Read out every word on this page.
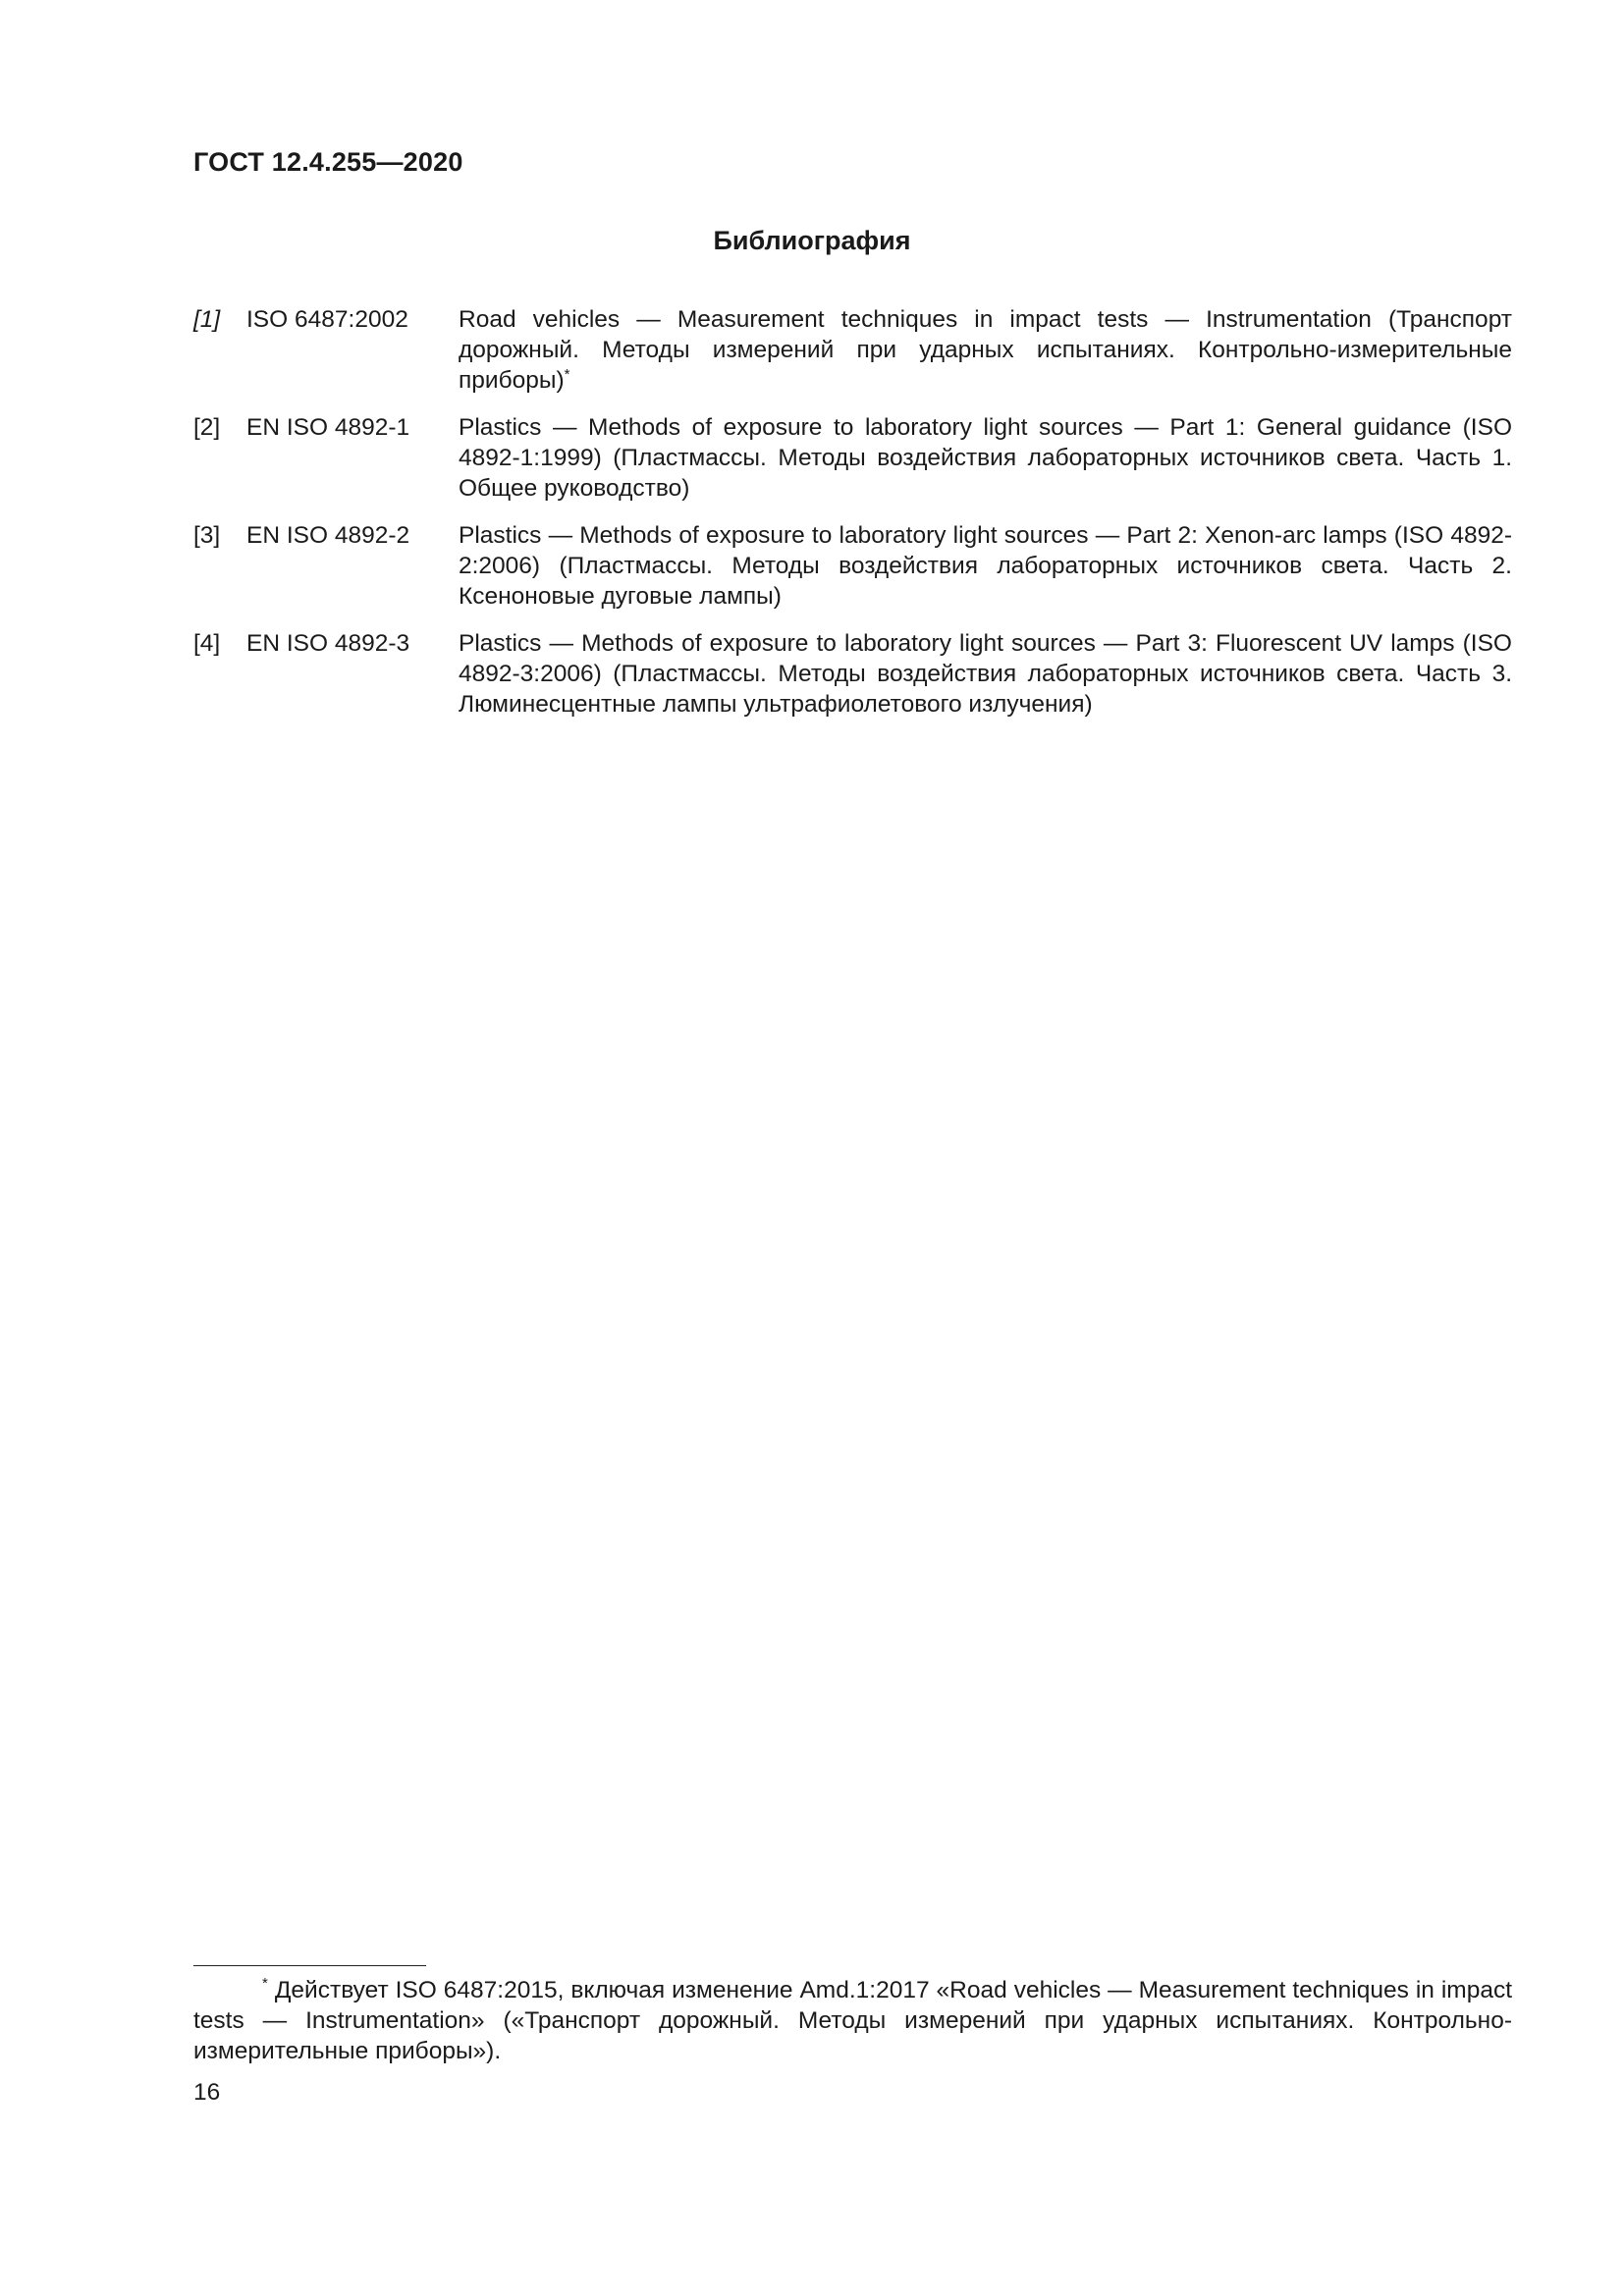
ГОСТ 12.4.255—2020
Библиография
[1]	ISO 6487:2002	Road vehicles — Measurement techniques in impact tests — Instrumentation (Транспорт дорожный. Методы измерений при ударных испытаниях. Контрольно-измерительные приборы)*
[2]	EN ISO 4892-1	Plastics — Methods of exposure to laboratory light sources — Part 1: General guidance (ISO 4892-1:1999) (Пластмассы. Методы воздействия лабораторных источников света. Часть 1. Общее руководство)
[3]	EN ISO 4892-2	Plastics — Methods of exposure to laboratory light sources — Part 2: Xenon-arc lamps (ISO 4892-2:2006) (Пластмассы. Методы воздействия лабораторных источников света. Часть 2. Ксеноновые дуговые лампы)
[4]	EN ISO 4892-3	Plastics — Methods of exposure to laboratory light sources — Part 3: Fluorescent UV lamps (ISO 4892-3:2006) (Пластмассы. Методы воздействия лабораторных источников света. Часть 3. Люминесцентные лампы ультрафиолетового излучения)
* Действует ISO 6487:2015, включая изменение Amd.1:2017 «Road vehicles — Measurement techniques in impact tests — Instrumentation» («Транспорт дорожный. Методы измерений при ударных испытаниях. Контрольно-измерительные приборы»).
16
